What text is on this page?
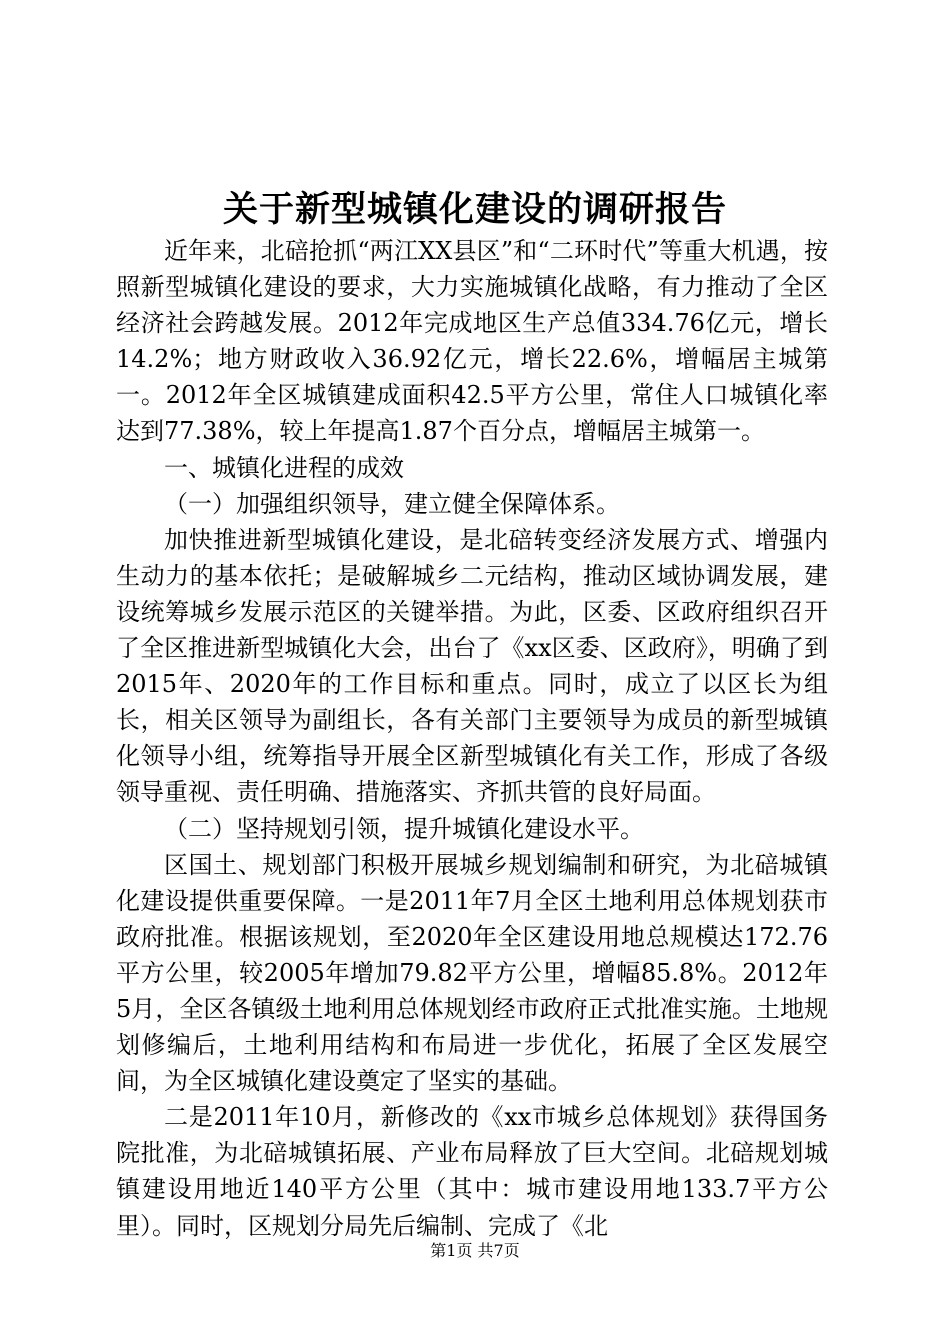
关于新型城镇化建设的调研报告

近年来，北碚抢抓“两江XX县区”和“二环时代”等重大机遇，按照新型城镇化建设的要求，大力实施城镇化战略，有力推动了全区经济社会跨越发展。2012年完成地区生产总值334.76亿元，增长14.2%；地方财政收入36.92亿元，增长22.6%，增幅居主城第一。2012年全区城镇建成面积42.5平方公里，常住人口城镇化率达到77.38%，较上年提高1.87个百分点，增幅居主城第一。

一、城镇化进程的成效

（一）加强组织领导，建立健全保障体系。

加快推进新型城镇化建设，是北碚转变经济发展方式、增强内生动力的基本依托；是破解城乡二元结构，推动区域协调发展，建设统筹城乡发展示范区的关键举措。为此，区委、区政府组织召开了全区推进新型城镇化大会，出台了《xx区委、区政府》，明确了到2015年、2020年的工作目标和重点。同时，成立了以区长为组长，相关区领导为副组长，各有关部门主要领导为成员的新型城镇化领导小组，统筹指导开展全区新型城镇化有关工作，形成了各级领导重视、责任明确、措施落实、齐抓共管的良好局面。

（二）坚持规划引领，提升城镇化建设水平。

区国土、规划部门积极开展城乡规划编制和研究，为北碚城镇化建设提供重要保障。一是2011年7月全区土地利用总体规划获市政府批准。根据该规划，至2020年全区建设用地总规模达172.76平方公里，较2005年增加79.82平方公里，增幅85.8%。2012年5月，全区各镇级土地利用总体规划经市政府正式批准实施。土地规划修编后，土地利用结构和布局进一步优化，拓展了全区发展空间，为全区城镇化建设奠定了坚实的基础。

二是2011年10月，新修改的《xx市城乡总体规划》获得国务院批准，为北碚城镇拓展、产业布局释放了巨大空间。北碚规划城镇建设用地近140平方公里（其中：城市建设用地133.7平方公里）。同时，区规划分局先后编制、完成了《北

第1页 共7页
